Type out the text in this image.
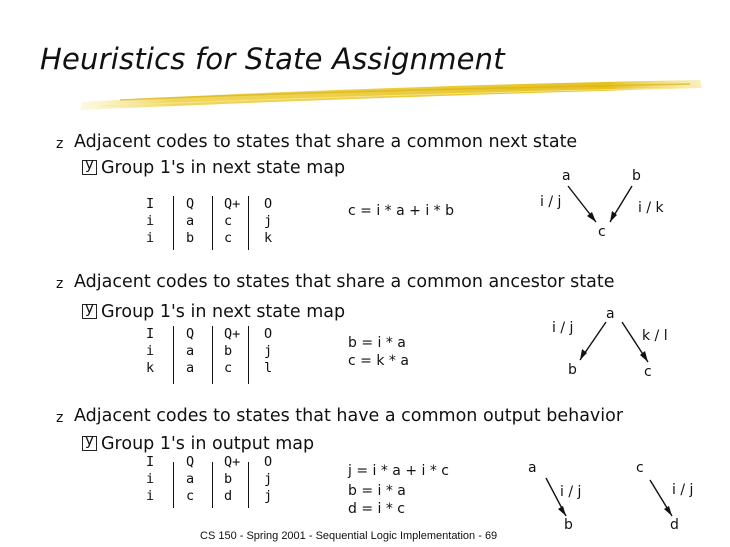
Heuristics for State Assignment
z Adjacent codes to states that share a common next state
yGroup 1's in next state map
I	Q	Q+	O
i	a	c	j
i	b	c	k
c = i * a + i * b
a	b
c
i / j	i / k
z Adjacent codes to states that share a common ancestor state
yGroup 1's in next state map
I	Q	Q+	O
i	a	b	j
k	a	c	l
b = i * a
c = k * a
a
b	c
i / j	k / l
z Adjacent codes to states that have a common output behavior
yGroup 1's in output map
I	Q	Q+	O
i	a	b	j
i	c	d	j
j = i * a + i * c
b = i * a
d = i * c
a
b
c
d
i / j	i / j
CS 150 - Spring 2001 - Sequential Logic Implementation - 69
